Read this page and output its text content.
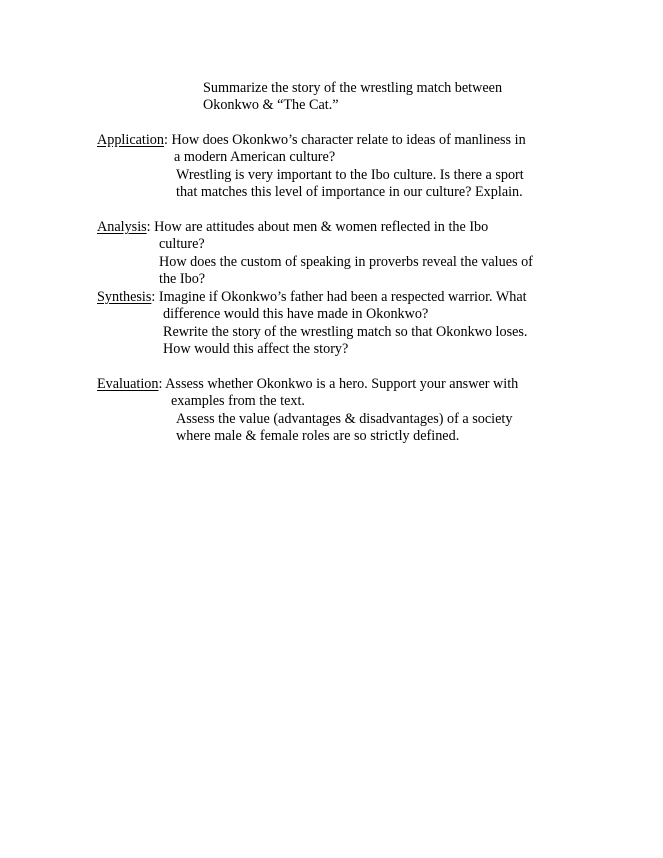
Summarize the story of the wrestling match between

Okonkwo & “The Cat.”

Application: How does Okonkwo’s character relate to ideas of manliness in

a modern American culture?

Wrestling is very important to the Ibo culture. Is there a sport

that matches this level of importance in our culture? Explain.

Analysis: How are attitudes about men & women reflected in the Ibo

culture?

How does the custom of speaking in proverbs reveal the values of

the Ibo?

Synthesis: Imagine if Okonkwo’s father had been a respected warrior. What

difference would this have made in Okonkwo?

Rewrite the story of the wrestling match so that Okonkwo loses.

How would this affect the story?

Evaluation: Assess whether Okonkwo is a hero. Support your answer with

examples from the text.

Assess the value (advantages & disadvantages) of a society

where male & female roles are so strictly defined.
